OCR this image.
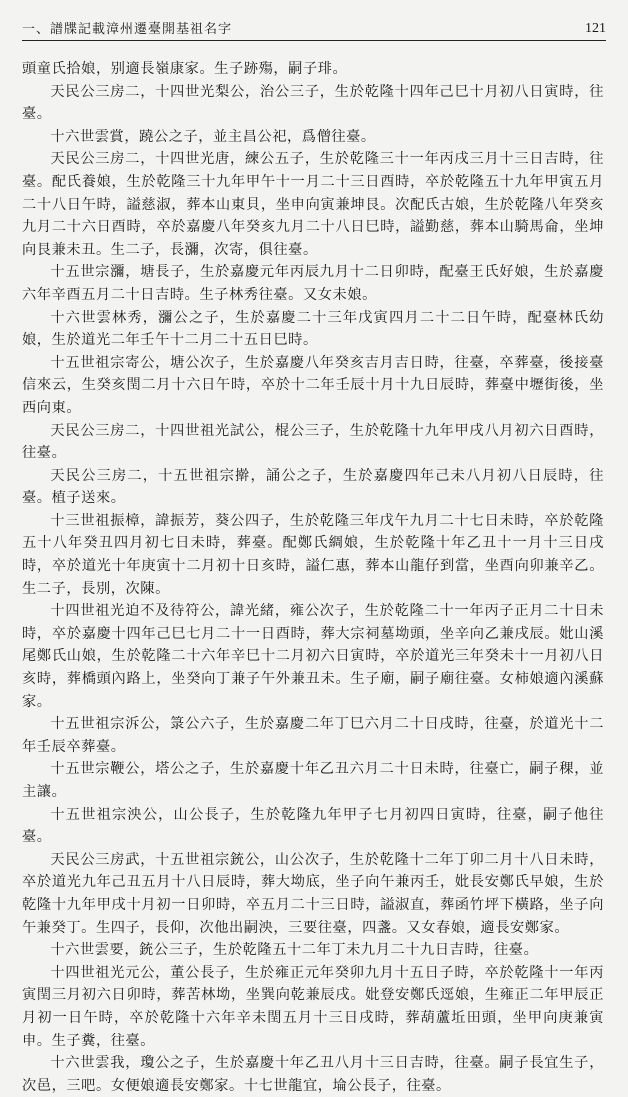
一、譜牒記載漳州遷臺開基祖名字	121

頭童氏拾娘，别適長嶺康家。生子跡殤，嗣子琲。

天民公三房二，十四世光梨公，治公三子，生於乾隆十四年己巳十月初八日寅時，往臺。

十六世雲賞，蹺公之子，並主昌公祀，爲僧往臺。

天民公三房二，十四世光唐，練公五子，生於乾隆三十一年丙戌三月十三日吉時，往臺。配氏養娘，生於乾隆三十九年甲午十一月二十三日酉時，卒於乾隆五十九年甲寅五月二十八日午時，謚慈淑，葬本山東貝，坐申向寅兼坤艮。次配氏古娘，生於乾隆八年癸亥九月二十六日酉時，卒於嘉慶八年癸亥九月二十八日巳時，謚勤慈，葬本山騎馬侖，坐坤向艮兼未丑。生二子，長瀰，次寄，俱往臺。

十五世宗瀰，塘長子，生於嘉慶元年丙辰九月十二日卯時，配臺王氏好娘，生於嘉慶六年辛酉五月二十日吉時。生子林秀往臺。又女未娘。

十六世雲林秀，瀰公之子，生於嘉慶二十三年戊寅四月二十二日午時，配臺林氏幼娘，生於道光二年壬午十二月二十五日巳時。

十五世祖宗寄公，塘公次子，生於嘉慶八年癸亥吉月吉日時，往臺，卒葬臺，後接臺信來云，生癸亥閏二月十六日午時，卒於十二年壬辰十月十九日辰時，葬臺中壢街後，坐西向東。

天民公三房二，十四世祖光試公，棍公三子，生於乾隆十九年甲戌八月初六日酉時，往臺。

天民公三房二，十五世祖宗擀，誦公之子，生於嘉慶四年己未八月初八日辰時，往臺。植子送來。

十三世祖振樟，諱振芳，葵公四子，生於乾隆三年戊午九月二十七日未時，卒於乾隆五十八年癸丑四月初七日未時，葬臺。配鄭氏綢娘，生於乾隆十年乙丑十一月十三日戌時，卒於道光十年庚寅十二月初十日亥時，謚仁惠，葬本山龍仔到當，坐酉向卯兼辛乙。生二子，長別，次陳。

十四世祖光迫不及待符公，諱光緒，雍公次子，生於乾隆二十一年丙子正月二十日未時，卒於嘉慶十四年己巳七月二十一日酉時，葬大宗祠墓坳頭，坐辛向乙兼戌辰。妣山溪尾鄭氏山娘，生於乾隆二十六年辛巳十二月初六日寅時，卒於道光三年癸未十一月初八日亥時，葬橋頭內路上，坐癸向丁兼子午外兼丑未。生子廟，嗣子廟往臺。女柿娘適內溪蘇家。

十五世祖宗泝公，箓公六子，生於嘉慶二年丁巳六月二十日戌時，往臺，於道光十二年壬辰卒葬臺。

十五世宗鞭公，塔公之子，生於嘉慶十年乙丑六月二十日未時，往臺亡，嗣子稞，並主讓。

十五世祖宗泱公，山公長子，生於乾隆九年甲子七月初四日寅時，往臺，嗣子他往臺。

天民公三房武，十五世祖宗銃公，山公次子，生於乾隆十二年丁卯二月十八日未時，卒於道光九年己丑五月十八日辰時，葬大坳底，坐子向午兼丙壬，妣長安鄭氏早娘，生於乾隆十九年甲戌十月初一日卯時，卒五月二十三日時，謚淑直，葬函竹坪下橫路，坐子向午兼癸丁。生四子，長仰，次他出嗣泱，三要往臺，四盞。又女春娘，適長安鄭家。

十六世雲要，銃公三子，生於乾隆五十二年丁未九月二十九日吉時，往臺。

十四世祖光元公，董公長子，生於雍正元年癸卯九月十五日子時，卒於乾隆十一年丙寅閏三月初六日卯時，葬苦林坳，坐巽向乾兼辰戌。妣登安鄭氏逕娘，生雍正二年甲辰正月初一日午時，卒於乾隆十六年辛未閏五月十三日戌時，葬葫蘆坵田頭，坐甲向庚兼寅申。生子糞，往臺。

十六世雲我，瓊公之子，生於嘉慶十年乙丑八月十三日吉時，往臺。嗣子長宜生子，次邑，三吧。女便娘適長安鄭家。十七世龍宜，埨公長子，往臺。
